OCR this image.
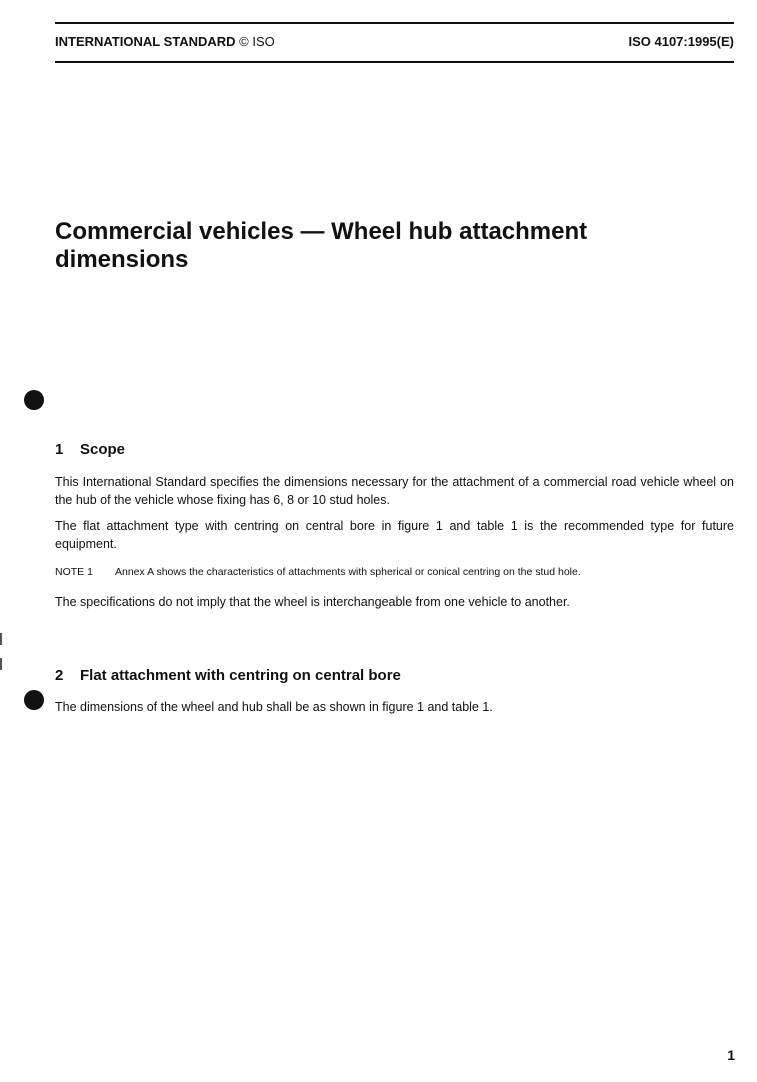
INTERNATIONAL STANDARD © ISO	ISO 4107:1995(E)
Commercial vehicles — Wheel hub attachment dimensions
1 Scope

This International Standard specifies the dimensions necessary for the attachment of a commercial road vehicle wheel on the hub of the vehicle whose fixing has 6, 8 or 10 stud holes.

The flat attachment type with centring on central bore in figure 1 and table 1 is the recommended type for future equipment.

NOTE 1 Annex A shows the characteristics of attachments with spherical or conical centring on the stud hole.

The specifications do not imply that the wheel is interchangeable from one vehicle to another.

2 Flat attachment with centring on central bore

The dimensions of the wheel and hub shall be as shown in figure 1 and table 1.

1
